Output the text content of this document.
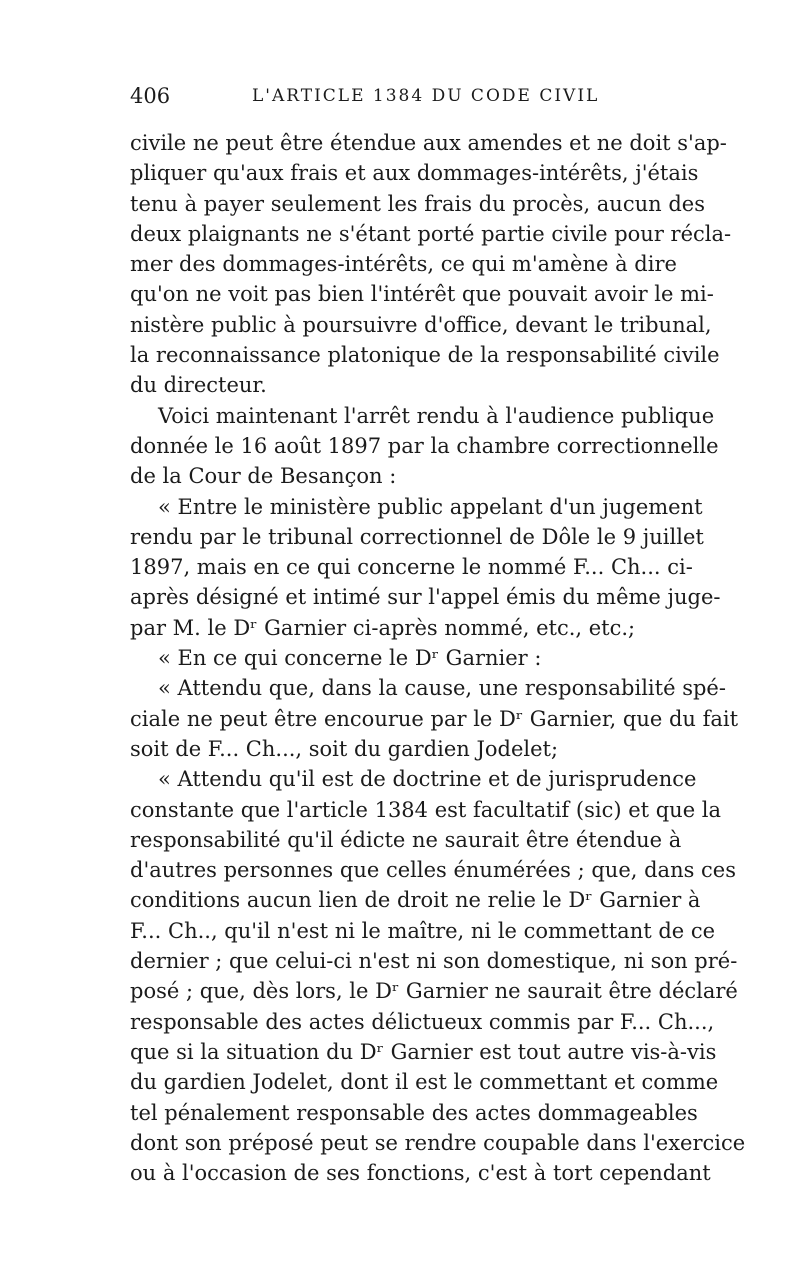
406	L'ARTICLE 1384 DU CODE CIVIL
civile ne peut être étendue aux amendes et ne doit s'ap-
pliquer qu'aux frais et aux dommages-intérêts, j'étais
tenu à payer seulement les frais du procès, aucun des
deux plaignants ne s'étant porté partie civile pour récla-
mer des dommages-intérêts, ce qui m'amène à dire
qu'on ne voit pas bien l'intérêt que pouvait avoir le mi-
nistère public à poursuivre d'office, devant le tribunal,
la reconnaissance platonique de la responsabilité civile
du directeur.
Voici maintenant l'arrêt rendu à l'audience publique
donnée le 16 août 1897 par la chambre correctionnelle
de la Cour de Besançon :
« Entre le ministère public appelant d'un jugement
rendu par le tribunal correctionnel de Dôle le 9 juillet
1897, mais en ce qui concerne le nommé F... Ch... ci-
après désigné et intimé sur l'appel émis du même juge-
par M. le Dʳ Garnier ci-après nommé, etc., etc.;
« En ce qui concerne le Dʳ Garnier :
« Attendu que, dans la cause, une responsabilité spé-
ciale ne peut être encourue par le Dʳ Garnier, que du fait
soit de F... Ch..., soit du gardien Jodelet;
« Attendu qu'il est de doctrine et de jurisprudence
constante que l'article 1384 est facultatif (sic) et que la
responsabilité qu'il édicte ne saurait être étendue à
d'autres personnes que celles énumérées ; que, dans ces
conditions aucun lien de droit ne relie le Dʳ Garnier à
F... Ch.., qu'il n'est ni le maître, ni le commettant de ce
dernier ; que celui-ci n'est ni son domestique, ni son pré-
posé ; que, dès lors, le Dʳ Garnier ne saurait être déclaré
responsable des actes délictueux commis par F... Ch...,
que si la situation du Dʳ Garnier est tout autre vis-à-vis
du gardien Jodelet, dont il est le commettant et comme
tel pénalement responsable des actes dommageables
dont son préposé peut se rendre coupable dans l'exercice
ou à l'occasion de ses fonctions, c'est à tort cependant
